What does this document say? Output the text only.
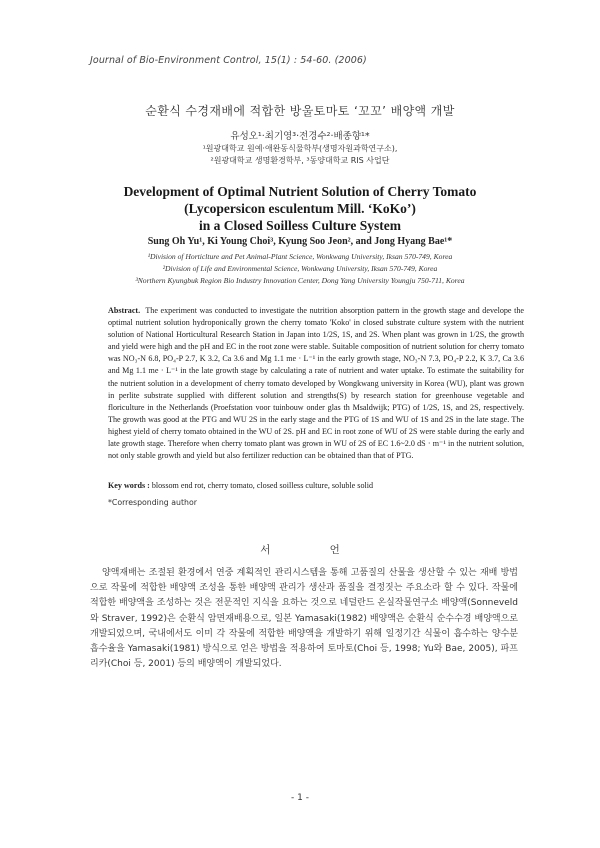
Journal of Bio-Environment Control, 15(1) : 54-60. (2006)
순환식 수경재배에 적합한 방울토마토 ‘꼬꼬’ 배양액 개발
유성오¹·최기영³·전경수²·배종향¹*
¹원광대학교 원예·애완동식물학부(생명자원과학연구소),
²원광대학교 생명환경학부, ³동양대학교 RIS 사업단
Development of Optimal Nutrient Solution of Cherry Tomato
(Lycopersicon esculentum Mill. ‘KoKo’)
in a Closed Soilless Culture System
Sung Oh Yu¹, Ki Young Choi³, Kyung Soo Jeon², and Jong Hyang Bae¹*
¹Division of Horticlture and Pet Animal-Plant Science, Wonkwang University, Iksan 570-749, Korea
²Division of Life and Environmental Science, Wonkwang University, Iksan 570-749, Korea
³Northern Kyungbuk Region Bio Industry Innovation Center, Dong Yang University Youngju 750-711, Korea

Abstract. The experiment was conducted to investigate the nutrition absorption pattern in the growth stage and develope the optimal nutrient solution hydroponically grown the cherry tomato 'Koko' in closed substrate culture system with the nutrient solution of National Horticultural Research Station in Japan into 1/2S, 1S, and 2S. When plant was grown in 1/2S, the growth and yield were high and the pH and EC in the root zone were stable. Suitable composition of nutrient solution for cherry tomato was NO₃-N 6.8, PO₄-P 2.7, K 3.2, Ca 3.6 and Mg 1.1 me · L⁻¹ in the early growth stage, NO₃-N 7.3, PO₄-P 2.2, K 3.7, Ca 3.6 and Mg 1.1 me · L⁻¹ in the late growth stage by calculating a rate of nutrient and water uptake. To estimate the suitability for the nutrient solution in a development of cherry tomato developed by Wongkwang university in Korea (WU), plant was grown in perlite substrate supplied with different solution and strengths(S) by research station for greenhouse vegetable and floriculture in the Netherlands (Proefstation voor tuinbouw onder glas th Msaldwijk; PTG) of 1/2S, 1S, and 2S, respectively. The growth was good at the PTG and WU 2S in the early stage and the PTG of 1S and WU of 1S and 2S in the late stage. The highest yield of cherry tomato obtained in the WU of 2S. pH and EC in root zone of WU of 2S were stable during the early and late growth stage. Therefore when cherry tomato plant was grown in WU of 2S of EC 1.6~2.0 dS · m⁻¹ in the nutrient solution, not only stable growth and yield but also fertilizer reduction can be obtained than that of PTG.

Key words : blossom end rot, cherry tomato, closed soilless culture, soluble solid
*Corresponding author
서 언

양액재배는 조절된 환경에서 연중 계획적인 관리시스템을 통해 고품질의 산물을 생산할 수 있는 재배 방법으로 작물에 적합한 배양액 조성을 통한 배양액 관리가 생산과 품질을 결정짓는 주요소라 할 수 있다. 작물에 적합한 배양액을 조성하는 것은 전문적인 지식을 요하는 것으로 네덜란드 온실작물연구소 배양액(Sonneveld와 Straver, 1992)은 순환식 암면재배용으로, 일본 Yamasaki(1982) 배양액은 순환식 순수수경 배양액으로 개발되었으며, 국내에서도 이미 각 작물에 적합한 배양액을 개발하기 위해 일정기간 식물이 흡수하는 양수분 흡수율을 Yamasaki(1981) 방식으로 얻은 방법을 적용하여 토마토(Choi 등, 1998; Yu와 Bae, 2005), 파프리카(Choi 등, 2001) 등의 배양액이 개발되었다.

- 1 -
